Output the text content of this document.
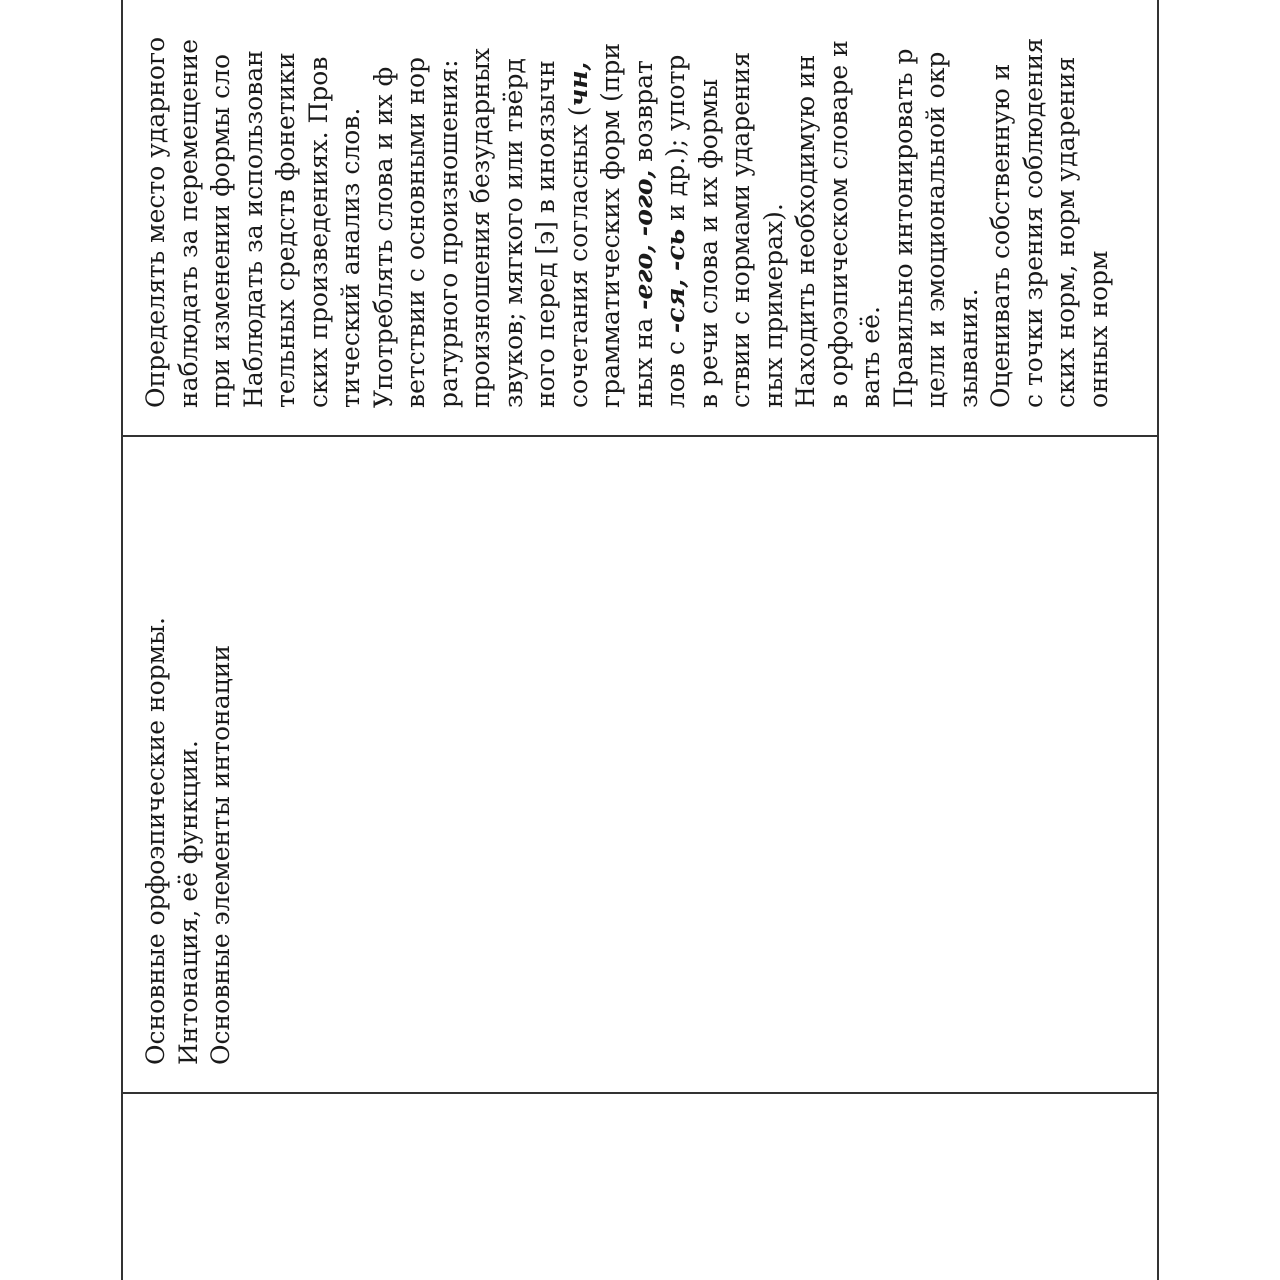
Определять место ударного наблюдать за перемещение при изменении формы сло Наблюдать за использован тельных средств фонетики ских произведениях. Пров тический анализ слов. Употреблять слова и их ф ветствии с основными нор ратурного произношения: произношения безударных звуков; мягкого или твёрд ного перед [э] в иноязычн сочетания согласных (чн, грамматических форм (при ных на -его, -ого, возврат
лов с -ся, -сь и др.); употр в речи слова и их формы ствии с нормами ударения ных примерах). Находить необходимую ин в орфоэпическом словаре и вать её. Правильно интонировать р цели и эмоциональной окр зывания. Оценивать собственную и с точки зрения соблюдения ских норм, норм ударения онных норм
Основные орфоэпические нормы. Интонация, её функции. Основные элементы интонации
